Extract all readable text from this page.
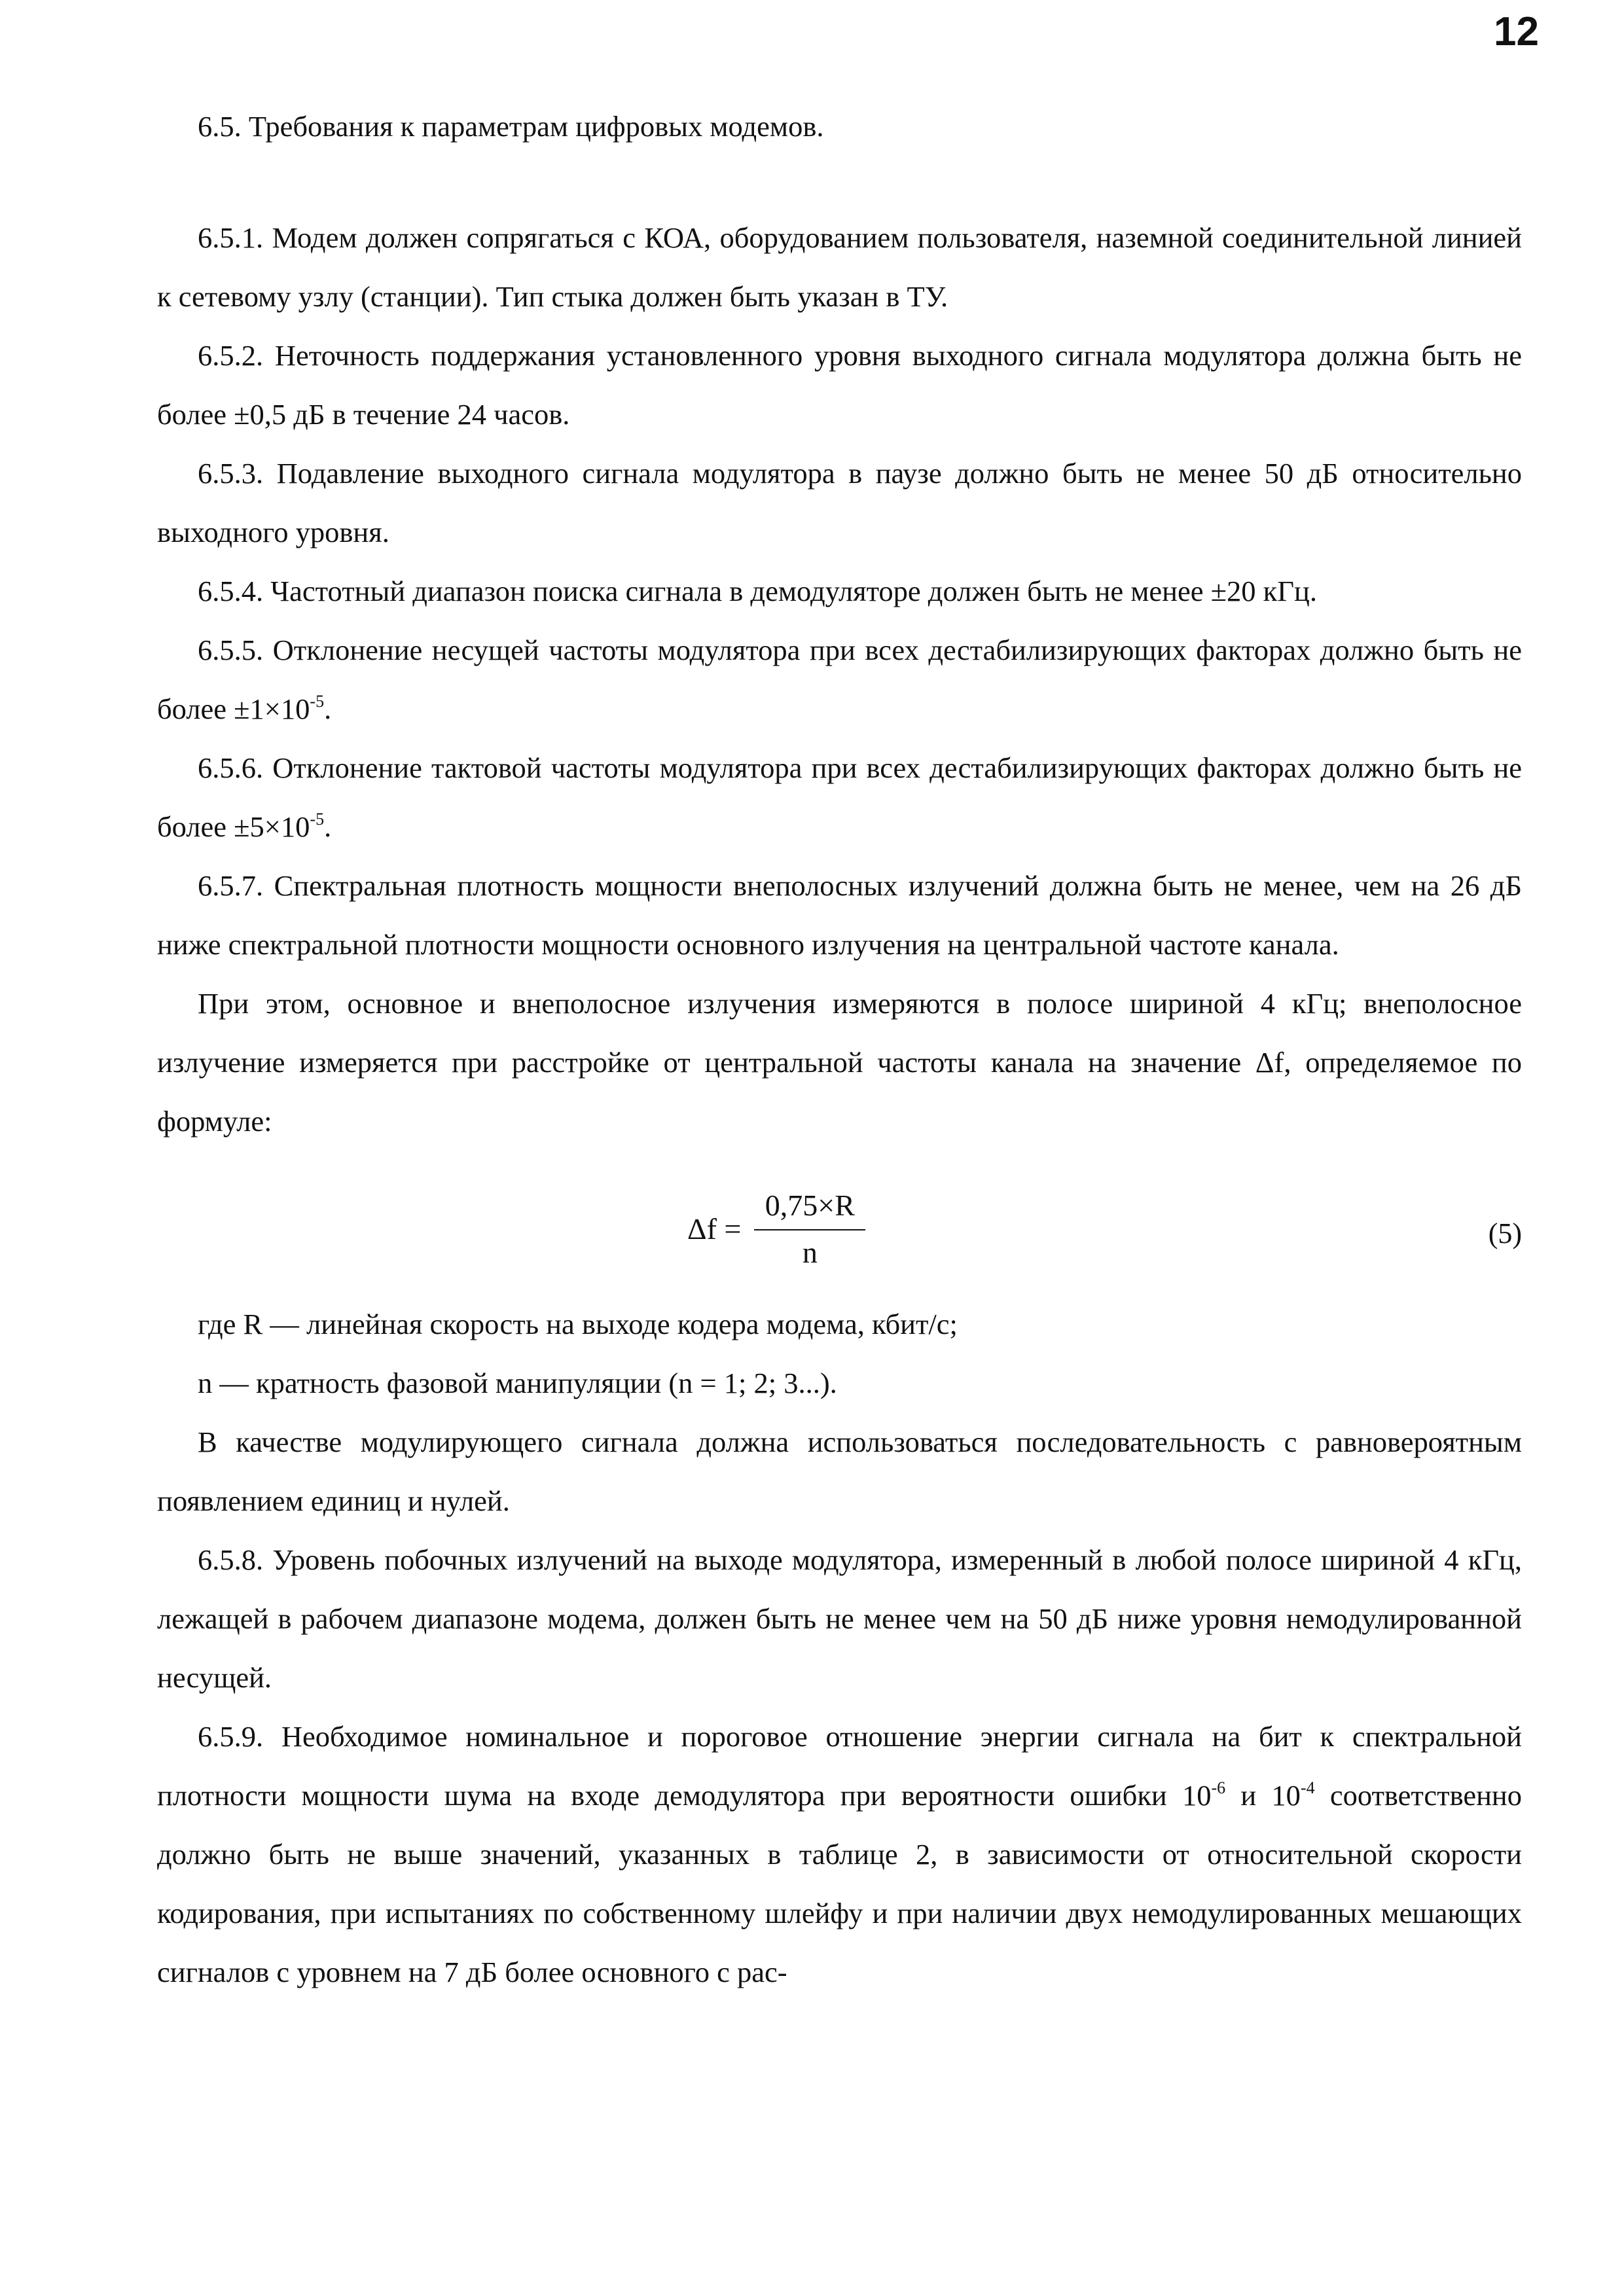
12

6.5. Требования к параметрам цифровых модемов.

6.5.1. Модем должен сопрягаться с КОА, оборудованием пользователя, наземной соединительной линией к сетевому узлу (станции). Тип стыка должен быть указан в ТУ.

6.5.2. Неточность поддержания установленного уровня выходного сигнала модулятора должна быть не более ±0,5 дБ в течение 24 часов.

6.5.3. Подавление выходного сигнала модулятора в паузе должно быть не менее 50 дБ относительно выходного уровня.

6.5.4. Частотный диапазон поиска сигнала в демодуляторе должен быть не менее ±20 кГц.

6.5.5. Отклонение несущей частоты модулятора при всех дестабилизирующих факторах должно быть не более $\pm 1\times 10^{-5}$.

6.5.6. Отклонение тактовой частоты модулятора при всех дестабилизирующих факторах должно быть не более $\pm 5\times 10^{-5}$.

6.5.7. Спектральная плотность мощности внеполосных излучений должна быть не менее, чем на 26 дБ ниже спектральной плотности мощности основного излучения на центральной частоте канала.

При этом, основное и внеполосное излучения измеряются в полосе шириной 4 кГц; внеполосное излучение измеряется при расстройке от центральной частоты канала на значение Δf, определяемое по формуле:

$\Delta f = \frac{0,75\times R}{n}$	(5)

где R — линейная скорость на выходе кодера модема, кбит/с;

n — кратность фазовой манипуляции (n = 1; 2; 3...).

В качестве модулирующего сигнала должна использоваться последовательность с равновероятным появлением единиц и нулей.

6.5.8. Уровень побочных излучений на выходе модулятора, измеренный в любой полосе шириной 4 кГц, лежащей в рабочем диапазоне модема, должен быть не менее чем на 50 дБ ниже уровня немодулированной несущей.

6.5.9. Необходимое номинальное и пороговое отношение энергии сигнала на бит к спектральной плотности мощности шума на входе демодулятора при вероятности ошибки $10^{-6}$ и $10^{-4}$ соответственно должно быть не выше значений, указанных в таблице 2, в зависимости от относительной скорости кодирования, при испытаниях по собственному шлейфу и при наличии двух немодулированных мешающих сигналов с уровнем на 7 дБ более основного с рас-
